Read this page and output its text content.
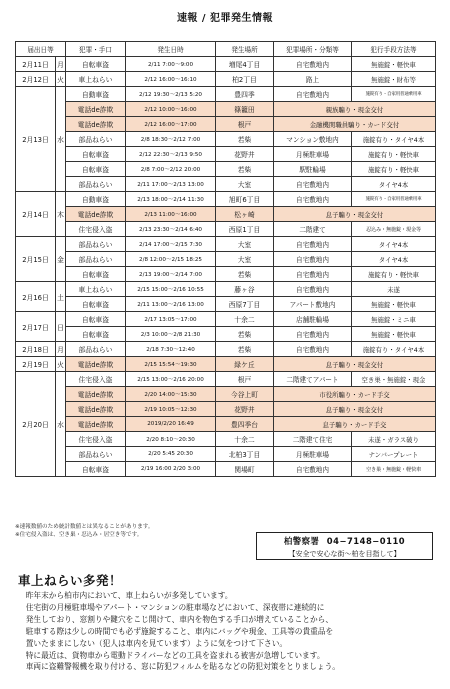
速報 / 犯罪発生情報
届出日等		犯罪・手口	発生日時	発生場所	犯罪場所・分類等	犯行手段方法等
2月11日	月	自転車盗	2/11 7:00〜9:00	増尾4丁目	自宅敷地内	無施錠・軽快車
2月12日	火	車上ねらい	2/12 16:00〜16:10	柏2丁目	路上	無施錠・財布等
2月13日	水	自動車盗	2/12 19:30〜2/13 5:20	豊四季	自宅敷地内	施錠有り・自家用普通乗用車
		電話de詐欺	2/12 10:00〜16:00	篠籠田	親族騙り・現金交付	
		電話de詐欺	2/12 16:00〜17:00	根戸	金融機関職員騙り・カード交付	
		部品ねらい	2/8 18:30〜2/12 7:00	若柴	マンション敷地内	施錠有り・タイヤ4本
		自転車盗	2/12 22:30〜2/13 9:50	花野井	月極駐車場	施錠有り・軽快車
		自転車盗	2/8 7:00〜2/12 20:00	若柴	駅駐輪場	施錠有り・軽快車
		部品ねらい	2/11 17:00〜2/13 13:00	大室	自宅敷地内	タイヤ4本
2月14日	木	自動車盗	2/13 18:00〜2/14 11:30	旭町6丁目	自宅敷地内	施錠有り・自家用普通乗用車
		電話de詐欺	2/13 11:00〜16:00	松ヶ崎	息子騙り・現金交付	
		住宅侵入盗	2/13 23:30〜2/14 6:40	西原1丁目	二階建て	忍込み・無施錠・現金等
2月15日	金	部品ねらい	2/14 17:00〜2/15 7:30	大室	自宅敷地内	タイヤ4本
		部品ねらい	2/8 12:00〜2/15 18:25	大室	自宅敷地内	タイヤ4本
		自転車盗	2/13 19:00〜2/14 7:00	若柴	自宅敷地内	施錠有り・軽快車
2月16日	土	車上ねらい	2/15 15:00〜2/16 10:55	藤ヶ谷	自宅敷地内	未遂
		自転車盗	2/11 13:00〜2/16 13:00	西原7丁目	アパート敷地内	無施錠・軽快車
2月17日	日	自転車盗	2/17 13:05〜17:00	十余二	店舗駐輪場	無施錠・ミニ車
		自転車盗	2/3 10:00〜2/8 21:30	若柴	自宅敷地内	無施錠・軽快車
2月18日	月	部品ねらい	2/18 7:30〜12:40	若柴	自宅敷地内	施錠有り・タイヤ4本
2月19日	火	電話de詐欺	2/15 15:54〜19:30	緑ケ丘	息子騙り・現金交付	
2月20日	水	住宅侵入盗	2/15 13:00〜2/16 20:00	根戸	二階建てアパート	空き巣・無施錠・現金
		電話de詐欺	2/20 14:00〜15:30	今谷上町	市役所騙り・カード手交	
		電話de詐欺	2/19 10:05〜12:30	花野井	息子騙り・現金交付	
		電話de詐欺	2019/2/20 16:49	豊四季台	息子騙り・カード手交	
		住宅侵入盗	2/20 8:10〜20:30	十余二	二階建て住宅	未遂・ガラス破り
		部品ねらい	2/20 5:45 20:30	北柏3丁目	月極駐車場	ナンバープレート
		自転車盗	2/19 16:00 2/20 3:00	関場町	自宅敷地内	空き巣・無施錠・軽快車
※速報数値のため統計数値とは異なることがあります。
※住宅侵入盗は、空き巣・忍込み・居空き等です。
柏警察署 04−7148−0110
【安全で安心な街〜柏を目指して】
車上ねらい多発！

昨年末から柏市内において、車上ねらいが多発しています。

住宅街の月極駐車場やアパート・マンションの駐車場などにおいて、深夜帯に連続的に

発生しており、窓割りや鍵穴をこじ開けて、車内を物色する手口が増えていることから、

駐車する際は少しの時間でも必ず施錠すること、車内にバッグや現金、工具等の貴重品を

置いたままにしない（犯人は車内を見ています）ように気をつけて下さい。

特に最近は、貨物車から電動ドライバーなどの工具を盗まれる被害が急増しています。

車両に盗難警報機を取り付ける、窓に防犯フィルムを貼るなどの防犯対策をとりましょう。
